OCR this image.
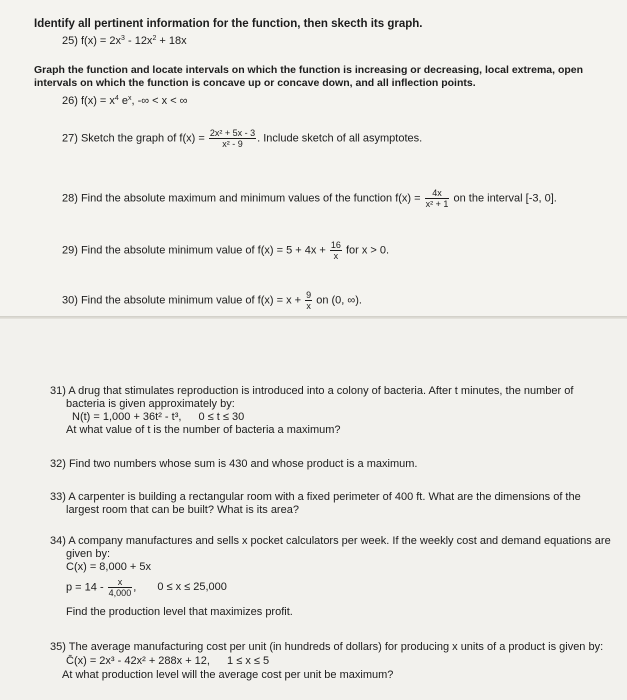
Identify all pertinent information for the function, then skecth its graph.
25) $f(x) = 2x^3 - 12x^2 + 18x$
Graph the function and locate intervals on which the function is increasing or decreasing, local extrema, open
intervals on which the function is concave up or concave down, and all inflection points.
26) $f(x) = x^4$ $e^x$, -∞ < x < ∞
27) Sketch the graph of $f(x) = \frac{\text{2x² + 5x - 3}}{\text{x² - 9}}$ . Include sketch of all asymptotes.
28) Find the absolute maximum and minimum values of the function $f(x) = \frac{4x}{\text{x² + 1}}$ on the interval [-3, 0].
29) Find the absolute minimum value of $f(x) = 5 + 4x + \frac{16}{x}$ for x > 0.
30) Find the absolute minimum value of $f(x) = x + \frac{9}{x}$ on (0, ∞).
31) A drug that stimulates reproduction is introduced into a colony of bacteria. After t minutes, the number of
bacteria is given approximately by:
N(t) = 1,000 + 36t² - t³, 0 ≤ t ≤ 30
At what value of t is the number of bacteria a maximum?
32) Find two numbers whose sum is 430 and whose product is a maximum.
33) A carpenter is building a rectangular room with a fixed perimeter of 400 ft. What are the dimensions of the
largest room that can be built? What is its area?
34) A company manufactures and sells x pocket calculators per week. If the weekly cost and demand equations are
given by:
C(x) = 8,000 + 5x
$p = 14 - \frac{x}{4,000}$ , 0 ≤ x ≤ 25,000
Find the production level that maximizes profit.
35) The average manufacturing cost per unit (in hundreds of dollars) for producing x units of a product is given by:
C̄(x) = 2x³ - 42x² + 288x + 12, 1 ≤ x ≤ 5
At what production level will the average cost per unit be maximum?
